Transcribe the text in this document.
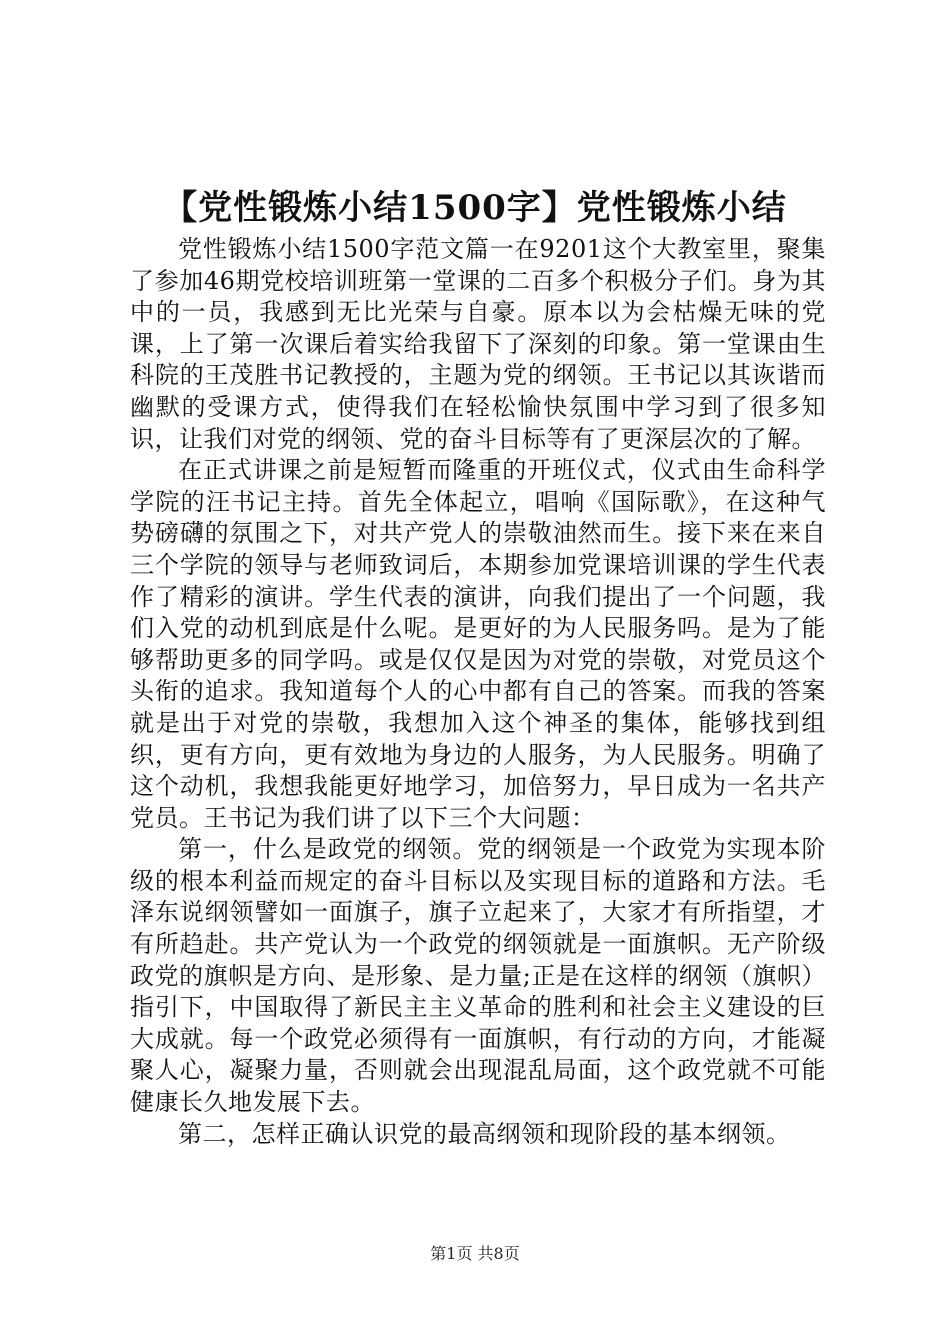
【党性锻炼小结1500字】党性锻炼小结

党性锻炼小结1500字范文篇一在9201这个大教室里，聚集了参加46期党校培训班第一堂课的二百多个积极分子们。身为其中的一员，我感到无比光荣与自豪。原本以为会枯燥无味的党课，上了第一次课后着实给我留下了深刻的印象。第一堂课由生科院的王茂胜书记教授的，主题为党的纲领。王书记以其诙谐而幽默的受课方式，使得我们在轻松愉快氛围中学习到了很多知识，让我们对党的纲领、党的奋斗目标等有了更深层次的了解。

在正式讲课之前是短暂而隆重的开班仪式，仪式由生命科学学院的汪书记主持。首先全体起立，唱响《国际歌》，在这种气势磅礴的氛围之下，对共产党人的崇敬油然而生。接下来在来自三个学院的领导与老师致词后，本期参加党课培训课的学生代表作了精彩的演讲。学生代表的演讲，向我们提出了一个问题，我们入党的动机到底是什么呢。是更好的为人民服务吗。是为了能够帮助更多的同学吗。或是仅仅是因为对党的崇敬，对党员这个头衔的追求。我知道每个人的心中都有自己的答案。而我的答案就是出于对党的崇敬，我想加入这个神圣的集体，能够找到组织，更有方向，更有效地为身边的人服务，为人民服务。明确了这个动机，我想我能更好地学习，加倍努力，早日成为一名共产党员。王书记为我们讲了以下三个大问题：

第一，什么是政党的纲领。党的纲领是一个政党为实现本阶级的根本利益而规定的奋斗目标以及实现目标的道路和方法。毛泽东说纲领譬如一面旗子，旗子立起来了，大家才有所指望，才有所趋赴。共产党认为一个政党的纲领就是一面旗帜。无产阶级政党的旗帜是方向、是形象、是力量;正是在这样的纲领（旗帜）指引下，中国取得了新民主主义革命的胜利和社会主义建设的巨大成就。每一个政党必须得有一面旗帜，有行动的方向，才能凝聚人心，凝聚力量，否则就会出现混乱局面，这个政党就不可能健康长久地发展下去。

第二，怎样正确认识党的最高纲领和现阶段的基本纲领。

第1页 共8页
